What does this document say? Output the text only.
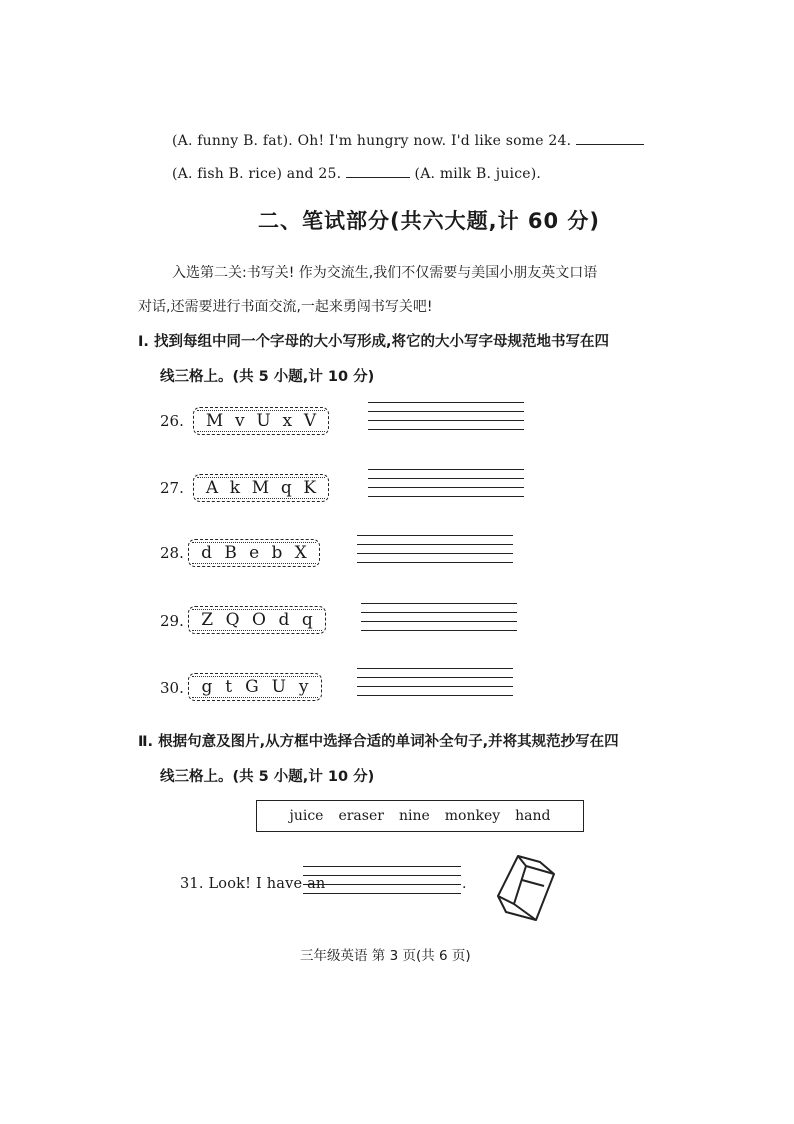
(A. funny B. fat). Oh! I'm hungry now. I'd like some 24.
(A. fish B. rice) and 25.	(A. milk B. juice).
二、笔试部分(共六大题,计 60 分)
入选第二关:书写关! 作为交流生,我们不仅需要与美国小朋友英文口语
对话,还需要进行书面交流,一起来勇闯书写关吧!
Ⅰ. 找到每组中同一个字母的大小写形成,将它的大小写字母规范地书写在四
线三格上。(共 5 小题,计 10 分)
26. M v U x V
27. A k M q K
28. d B e b X
29. Z Q O d q
30. g t G U y
Ⅱ. 根据句意及图片,从方框中选择合适的单词补全句子,并将其规范抄写在四
线三格上。(共 5 小题,计 10 分)
juice eraser nine monkey hand
31. Look! I have an	.
三年级英语 第 3 页(共 6 页)
